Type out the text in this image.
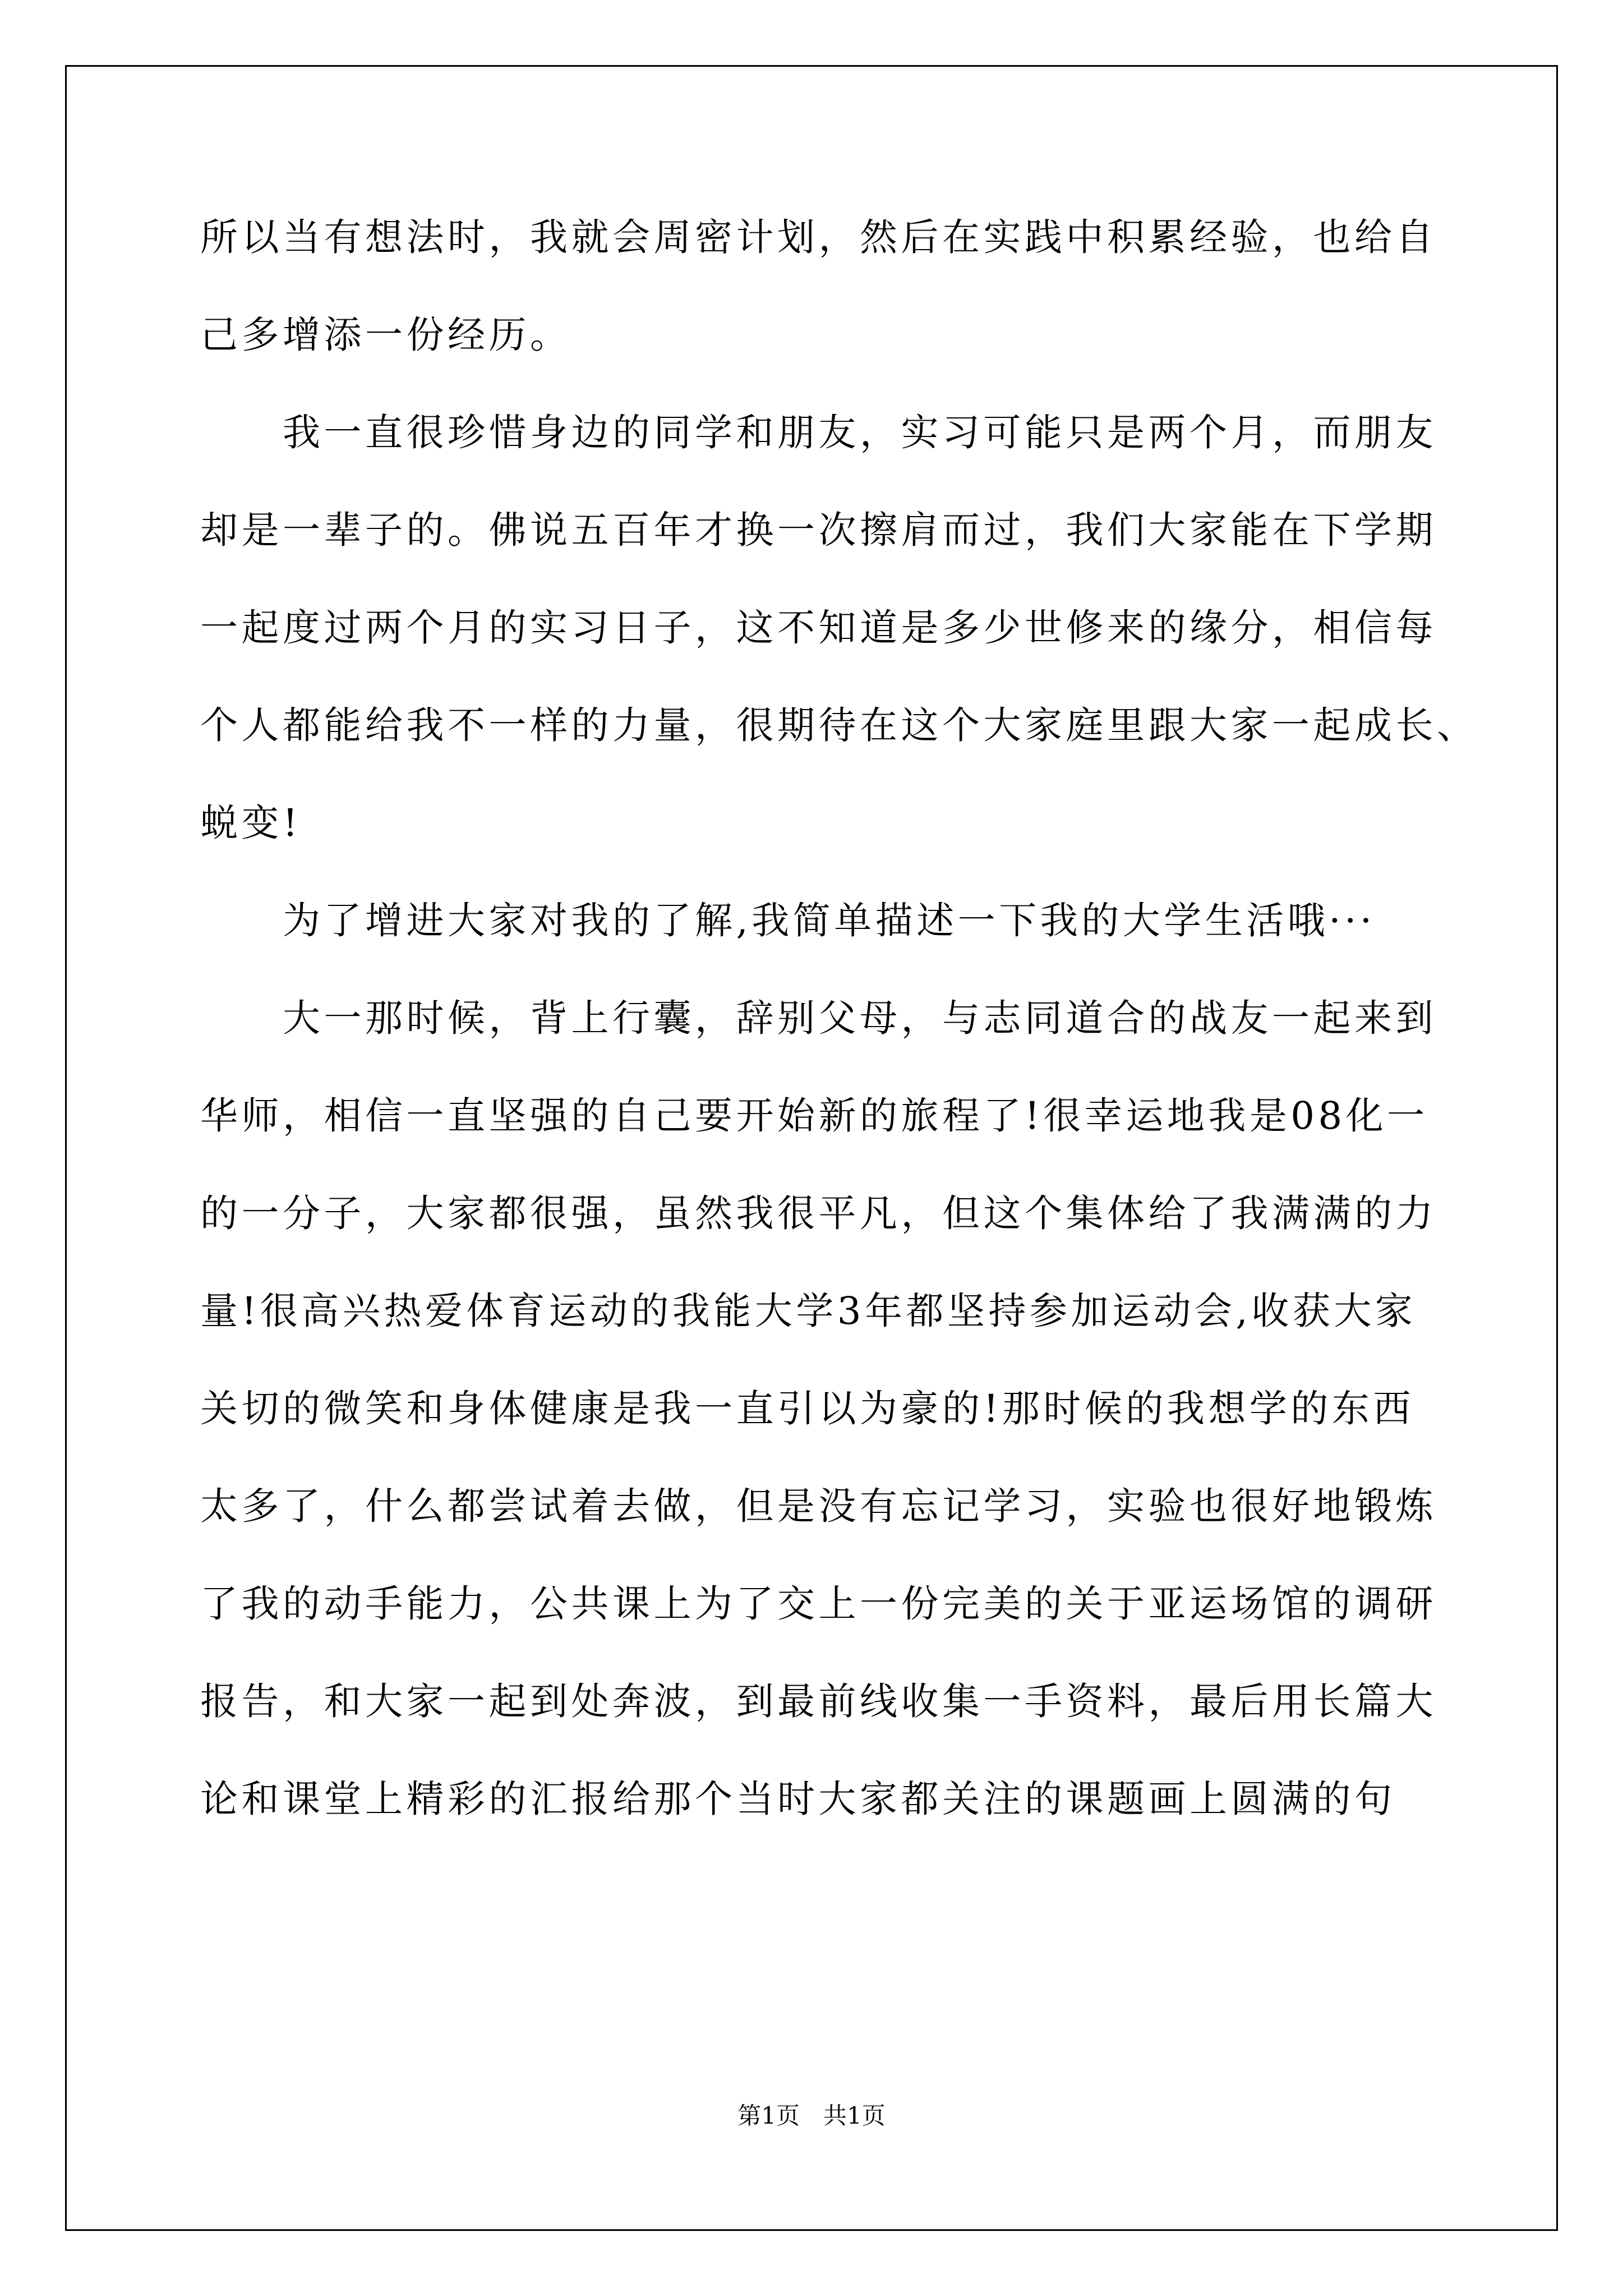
所以当有想法时，我就会周密计划，然后在实践中积累经验，也给自
己多增添一份经历。
　　我一直很珍惜身边的同学和朋友，实习可能只是两个月，而朋友
却是一辈子的。佛说五百年才换一次擦肩而过，我们大家能在下学期
一起度过两个月的实习日子，这不知道是多少世修来的缘分，相信每
个人都能给我不一样的力量，很期待在这个大家庭里跟大家一起成长、
蜕变!
　　为了增进大家对我的了解,我简单描述一下我的大学生活哦···
　　大一那时候，背上行囊，辞别父母，与志同道合的战友一起来到
华师，相信一直坚强的自己要开始新的旅程了!很幸运地我是08化一
的一分子，大家都很强，虽然我很平凡，但这个集体给了我满满的力
量!很高兴热爱体育运动的我能大学3年都坚持参加运动会,收获大家
关切的微笑和身体健康是我一直引以为豪的!那时候的我想学的东西
太多了，什么都尝试着去做，但是没有忘记学习，实验也很好地锻炼
了我的动手能力，公共课上为了交上一份完美的关于亚运场馆的调研
报告，和大家一起到处奔波，到最前线收集一手资料，最后用长篇大
论和课堂上精彩的汇报给那个当时大家都关注的课题画上圆满的句
第1页　共1页
